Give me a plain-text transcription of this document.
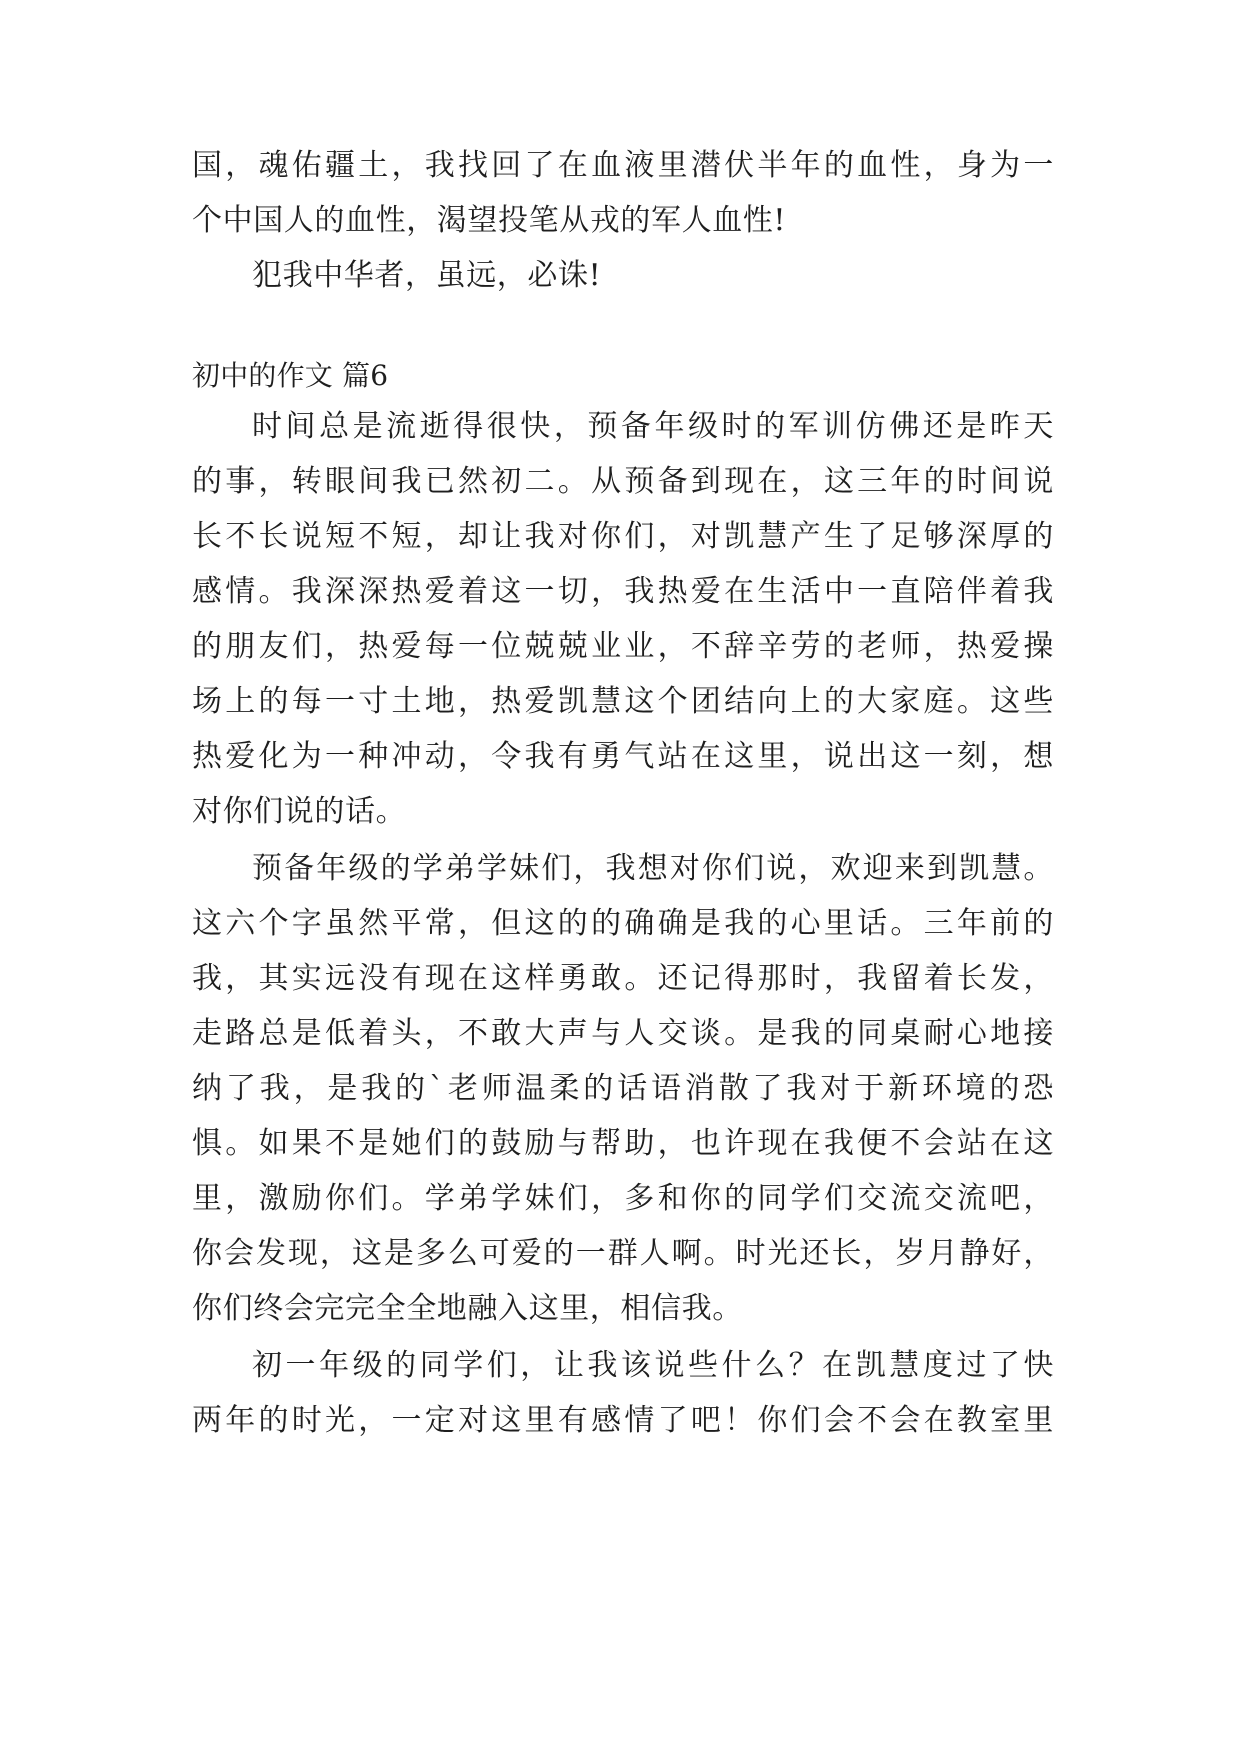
国，魂佑疆土，我找回了在血液里潜伏半年的血性，身为一
个中国人的血性，渴望投笔从戎的军人血性!
犯我中华者，虽远，必诛!
初中的作文 篇6
时间总是流逝得很快，预备年级时的军训仿佛还是昨天
的事，转眼间我已然初二。从预备到现在，这三年的时间说
长不长说短不短，却让我对你们，对凯慧产生了足够深厚的
感情。我深深热爱着这一切，我热爱在生活中一直陪伴着我
的朋友们，热爱每一位兢兢业业，不辞辛劳的老师，热爱操
场上的每一寸土地，热爱凯慧这个团结向上的大家庭。这些
热爱化为一种冲动，令我有勇气站在这里，说出这一刻，想
对你们说的话。
预备年级的学弟学妹们，我想对你们说，欢迎来到凯慧。
这六个字虽然平常，但这的的确确是我的心里话。三年前的
我，其实远没有现在这样勇敢。还记得那时，我留着长发，
走路总是低着头，不敢大声与人交谈。是我的同桌耐心地接
纳了我，是我的`老师温柔的话语消散了我对于新环境的恐
惧。如果不是她们的鼓励与帮助，也许现在我便不会站在这
里，激励你们。学弟学妹们，多和你的同学们交流交流吧，
你会发现，这是多么可爱的一群人啊。时光还长，岁月静好，
你们终会完完全全地融入这里，相信我。
初一年级的同学们，让我该说些什么？在凯慧度过了快
两年的时光，一定对这里有感情了吧！你们会不会在教室里
